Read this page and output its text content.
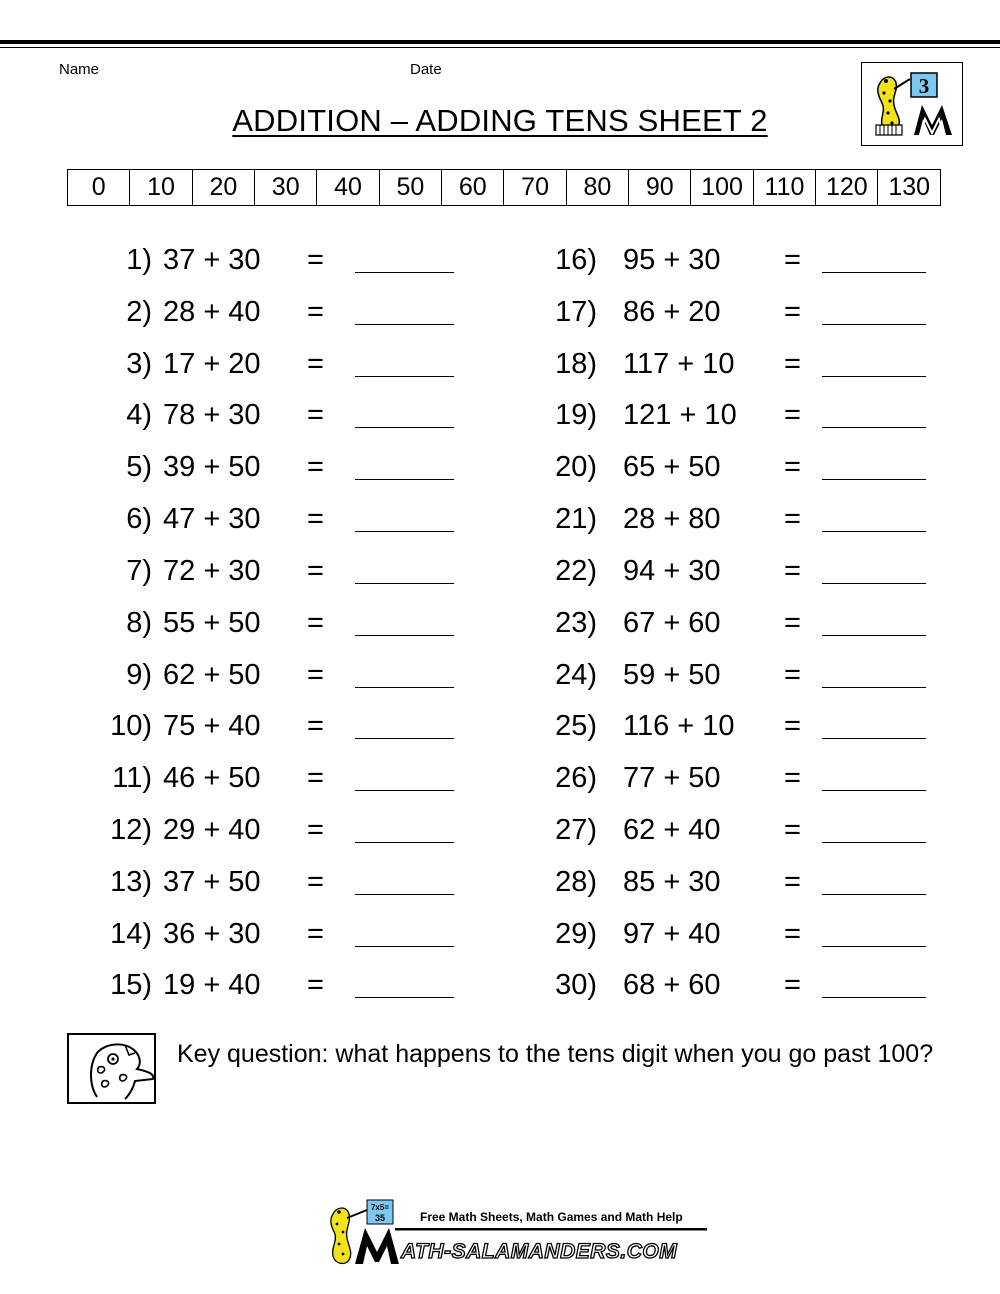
Name	Date
ADDITION – ADDING TENS SHEET 2
3
0	10	20	30	40	50	60	70	80	90	100	110	120	130
1) 37 + 30 =
2) 28 + 40 =
3) 17 + 20 =
4) 78 + 30 =
5) 39 + 50 =
6) 47 + 30 =
7) 72 + 30 =
8) 55 + 50 =
9) 62 + 50 =
10) 75 + 40 =
11) 46 + 50 =
12) 29 + 40 =
13) 37 + 50 =
14) 36 + 30 =
15) 19 + 40 =
16) 95 + 30 =
17) 86 + 20 =
18) 117 + 10 =
19) 121 + 10 =
20) 65 + 50 =
21) 28 + 80 =
22) 94 + 30 =
23) 67 + 60 =
24) 59 + 50 =
25) 116 + 10 =
26) 77 + 50 =
27) 62 + 40 =
28) 85 + 30 =
29) 97 + 40 =
30) 68 + 60 =
Key question: what happens to the tens digit when you go past 100?
7x5=
35	Free Math Sheets, Math Games and Math Help
ATH-SALAMANDERS.COM
